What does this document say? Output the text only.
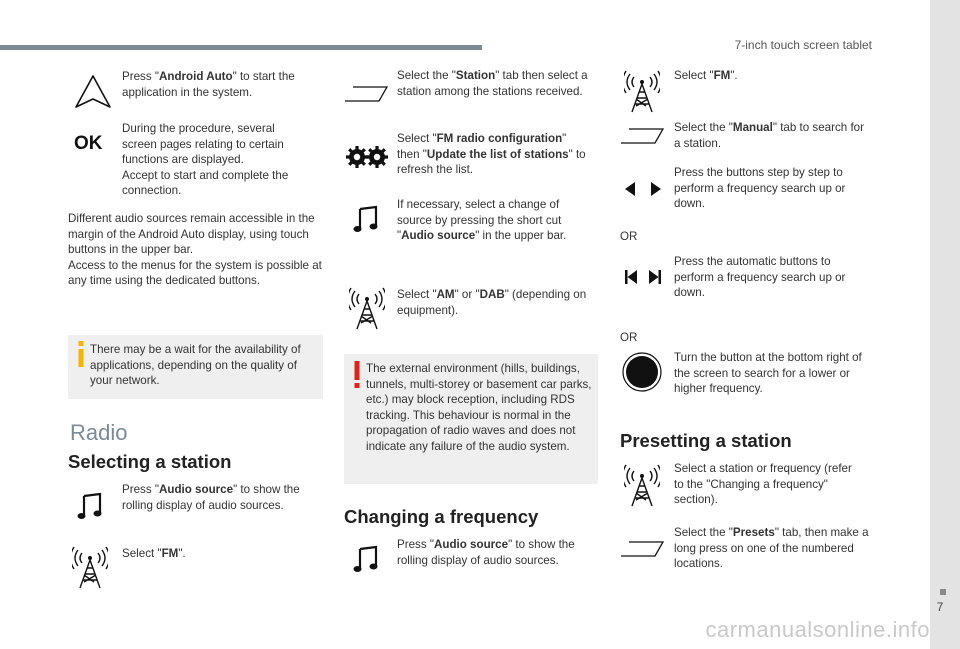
7-inch touch screen tablet
7
Press "Android Auto" to start the application in the system.
OK
During the procedure, several screen pages relating to certain functions are displayed.
Accept to start and complete the connection.
Different audio sources remain accessible in the margin of the Android Auto display, using touch buttons in the upper bar.
Access to the menus for the system is possible at any time using the dedicated buttons.
There may be a wait for the availability of applications, depending on the quality of your network.
Radio
Selecting a station
Press "Audio source" to show the rolling display of audio sources.
Select "FM".
Select the "Station" tab then select a station among the stations received.
Select "FM radio configuration" then "Update the list of stations" to refresh the list.
If necessary, select a change of source by pressing the short cut "Audio source" in the upper bar.
Select "AM" or "DAB" (depending on equipment).
The external environment (hills, buildings, tunnels, multi-storey or basement car parks, etc.) may block reception, including RDS tracking. This behaviour is normal in the propagation of radio waves and does not indicate any failure of the audio system.
Changing a frequency
Press "Audio source" to show the rolling display of audio sources.
Select "FM".
Select the "Manual" tab to search for a station.
Press the buttons step by step to perform a frequency search up or down.
OR
Press the automatic buttons to perform a frequency search up or down.
OR
Turn the button at the bottom right of the screen to search for a lower or higher frequency.
Presetting a station
Select a station or frequency (refer to the "Changing a frequency" section).
Select the "Presets" tab, then make a long press on one of the numbered locations.
carmanualsonline.info
